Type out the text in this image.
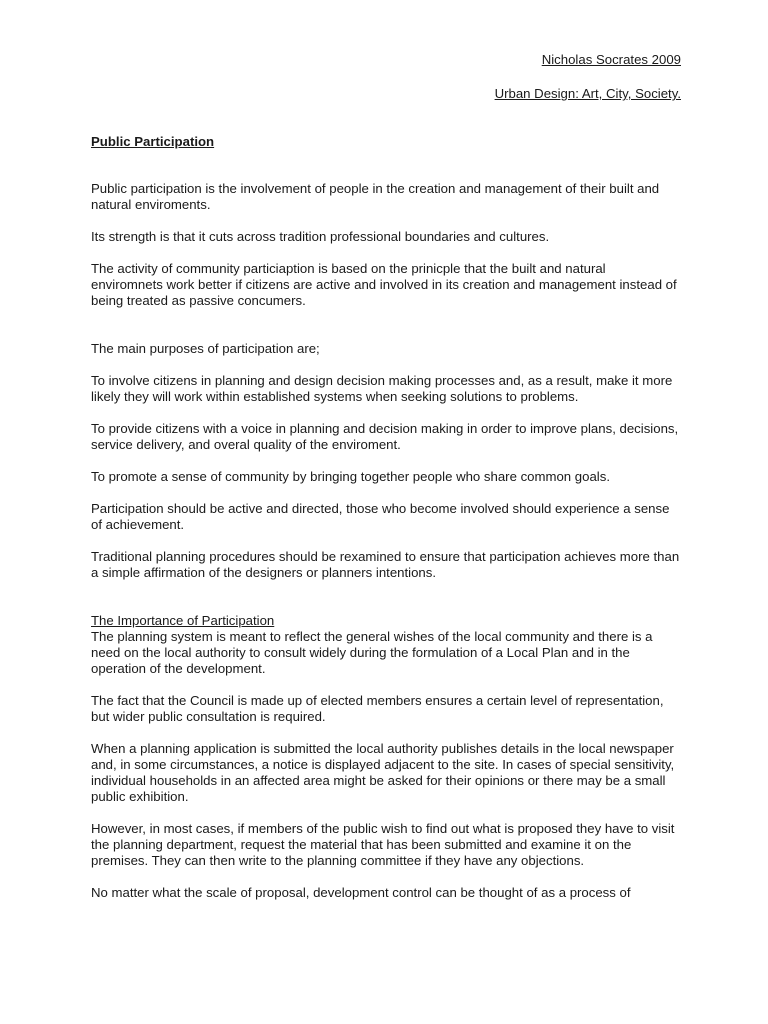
Nicholas Socrates 2009

Urban Design: Art, City, Society.

Public Participation

Public participation is the involvement of people in the creation and management of their built and natural enviroments.

Its strength is that it cuts across tradition professional boundaries and cultures.

The activity of community particiaption is based on the prinicple that the built and natural enviromnets work better if citizens are active and involved in its creation and management instead of being treated as passive concumers.

The main purposes of participation are;

To involve citizens in planning and design decision making processes and, as a result, make it more likely they will work within established systems when seeking solutions to problems.

To provide citizens with a voice in planning and decision making in order to improve plans, decisions, service delivery, and overal quality of the enviroment.

To promote a sense of community by bringing together people who share common goals.

Participation should be active and directed, those who become involved should experience a sense of achievement.

Traditional planning procedures should be rexamined to ensure that participation achieves more than a simple affirmation of the designers or planners intentions.

The Importance of Participation

The planning system is meant to reflect the general wishes of the local community and there is a need on the local authority to consult widely during the formulation of a Local Plan and in the operation of the development.

The fact that the Council is made up of elected members ensures a certain level of representation, but wider public consultation is required.

When a planning application is submitted the local authority publishes details in the local newspaper and, in some circumstances, a notice is displayed adjacent to the site. In cases of special sensitivity, individual households in an affected area might be asked for their opinions or there may be a small public exhibition.

However, in most cases, if members of the public wish to find out what is proposed they have to visit the planning department, request the material that has been submitted and examine it on the premises. They can then write to the planning committee if they have any objections.

No matter what the scale of proposal, development control can be thought of as a process of
